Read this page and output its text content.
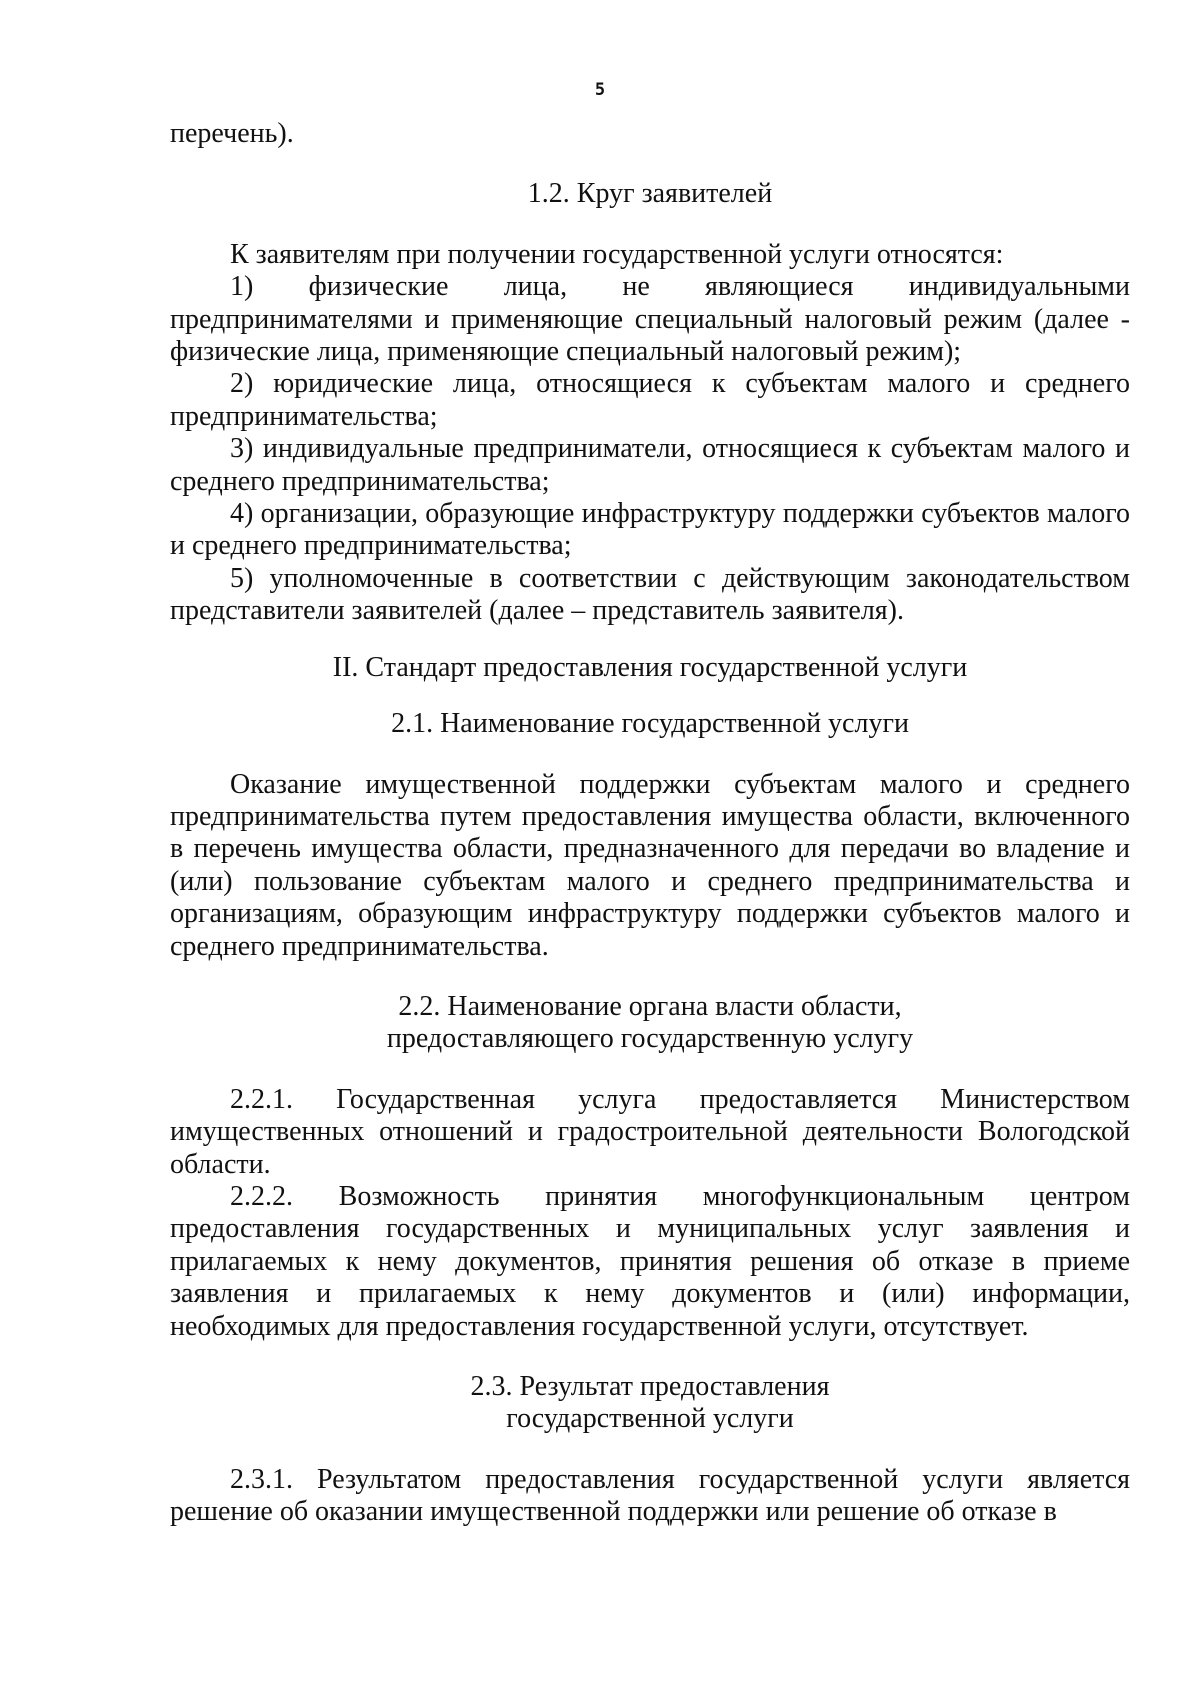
5

перечень).

1.2. Круг заявителей

К заявителям при получении государственной услуги относятся:

1) физические лица, не являющиеся индивидуальными предпринимателями и применяющие специальный налоговый режим (далее - физические лица, применяющие специальный налоговый режим);

2) юридические лица, относящиеся к субъектам малого и среднего предпринимательства;

3) индивидуальные предприниматели, относящиеся к субъектам малого и среднего предпринимательства;

4) организации, образующие инфраструктуру поддержки субъектов малого и среднего предпринимательства;

5) уполномоченные в соответствии с действующим законодательством представители заявителей (далее – представитель заявителя).

II. Стандарт предоставления государственной услуги

2.1. Наименование государственной услуги

Оказание имущественной поддержки субъектам малого и среднего предпринимательства путем предоставления имущества области, включенного в перечень имущества области, предназначенного для передачи во владение и (или) пользование субъектам малого и среднего предпринимательства и организациям, образующим инфраструктуру поддержки субъектов малого и среднего предпринимательства.

2.2. Наименование органа власти области,
предоставляющего государственную услугу

2.2.1. Государственная услуга предоставляется Министерством имущественных отношений и градостроительной деятельности Вологодской области.

2.2.2. Возможность принятия многофункциональным центром предоставления государственных и муниципальных услуг заявления и прилагаемых к нему документов, принятия решения об отказе в приеме заявления и прилагаемых к нему документов и (или) информации, необходимых для предоставления государственной услуги, отсутствует.

2.3. Результат предоставления
государственной услуги

2.3.1. Результатом предоставления государственной услуги является решение об оказании имущественной поддержки или решение об отказе в
